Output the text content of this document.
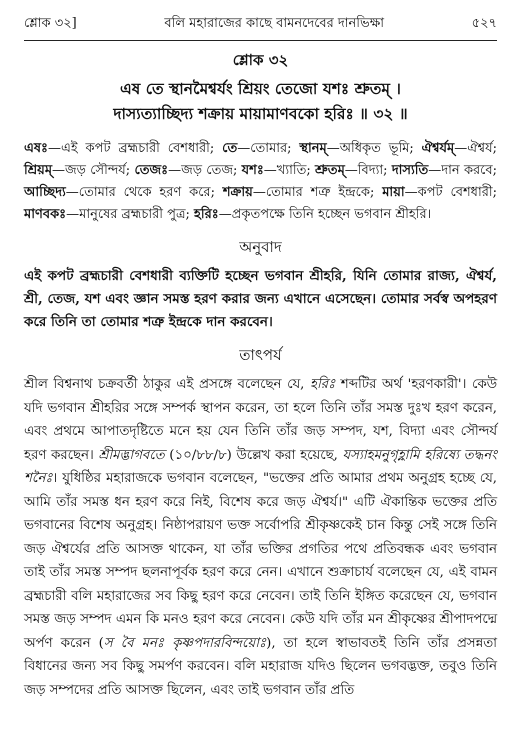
শ্লোক ৩২]	বলি মহারাজের কাছে বামনদেবের দানভিক্ষা	৫২৭
শ্লোক ৩২
এষ তে স্থানমৈশ্বর্যং শ্রিয়ং তেজো যশঃ শ্রুতম্ ।
দাস্যত্যাচ্ছিদ্য শক্রায় মায়ামাণবকো হরিঃ ॥ ৩২ ॥
এষঃ—এই কপট ব্রহ্মচারী বেশধারী; তে—তোমার; স্থানম্—অধিকৃত ভূমি; ঐশ্বর্যম্—ঐশ্বর্য; শ্রিয়ম্—জড় সৌন্দর্য; তেজঃ—জড় তেজ; যশঃ—খ্যাতি; শ্রুতম্—বিদ্যা; দাস্যতি—দান করবে; আচ্ছিদ্য—তোমার থেকে হরণ করে; শক্রায়—তোমার শত্রু ইন্দ্রকে; মায়া—কপট বেশধারী; মাণবকঃ—মানুষের ব্রহ্মচারী পুত্র; হরিঃ—প্রকৃতপক্ষে তিনি হচ্ছেন ভগবান শ্রীহরি।
অনুবাদ
এই কপট ব্রহ্মচারী বেশধারী ব্যক্তিটি হচ্ছেন ভগবান শ্রীহরি, যিনি তোমার রাজ্য, ঐশ্বর্য, শ্রী, তেজ, যশ এবং জ্ঞান সমস্ত হরণ করার জন্য এখানে এসেছেন। তোমার সর্বস্ব অপহরণ করে তিনি তা তোমার শত্রু ইন্দ্রকে দান করবেন।
তাৎপর্য
শ্রীল বিশ্বনাথ চক্রবর্তী ঠাকুর এই প্রসঙ্গে বলেছেন যে, হরিঃ শব্দটির অর্থ 'হরণকারী'। কেউ যদি ভগবান শ্রীহরির সঙ্গে সম্পর্ক স্থাপন করেন, তা হলে তিনি তাঁর সমস্ত দুঃখ হরণ করেন, এবং প্রথমে আপাতদৃষ্টিতে মনে হয় যেন তিনি তাঁর জড় সম্পদ, যশ, বিদ্যা এবং সৌন্দর্য হরণ করছেন। শ্রীমদ্ভাগবতে (১০/৮৮/৮) উল্লেখ করা হয়েছে, যস্যাহমনুগৃহ্ণামি হরিষ্যে তদ্ধনং শনৈঃ। যুধিষ্ঠির মহারাজকে ভগবান বলেছেন, "ভক্তের প্রতি আমার প্রথম অনুগ্রহ হচ্ছে যে, আমি তাঁর সমস্ত ধন হরণ করে নিই, বিশেষ করে জড় ঐশ্বর্য।" এটি ঐকান্তিক ভক্তের প্রতি ভগবানের বিশেষ অনুগ্রহ। নিষ্ঠাপরায়ণ ভক্ত সর্বোপরি শ্রীকৃষ্ণকেই চান কিন্তু সেই সঙ্গে তিনি জড় ঐশ্বর্যের প্রতি আসক্ত থাকেন, যা তাঁর ভক্তির প্রগতির পথে প্রতিবন্ধক এবং ভগবান তাই তাঁর সমস্ত সম্পদ ছলনাপূর্বক হরণ করে নেন। এখানে শুক্রাচার্য বলেছেন যে, এই বামন ব্রহ্মচারী বলি মহারাজের সব কিছু হরণ করে নেবেন। তাই তিনি ইঙ্গিত করেছেন যে, ভগবান সমস্ত জড় সম্পদ এমন কি মনও হরণ করে নেবেন। কেউ যদি তাঁর মন শ্রীকৃষ্ণের শ্রীপাদপদ্মে অর্পণ করেন (স বৈ মনঃ কৃষ্ণপদারবিন্দয়োঃ), তা হলে স্বাভাবতই তিনি তাঁর প্রসন্নতা বিধানের জন্য সব কিছু সমর্পণ করবেন। বলি মহারাজ যদিও ছিলেন ভগবদ্ভক্ত, তবুও তিনি জড় সম্পদের প্রতি আসক্ত ছিলেন, এবং তাই ভগবান তাঁর প্রতি
